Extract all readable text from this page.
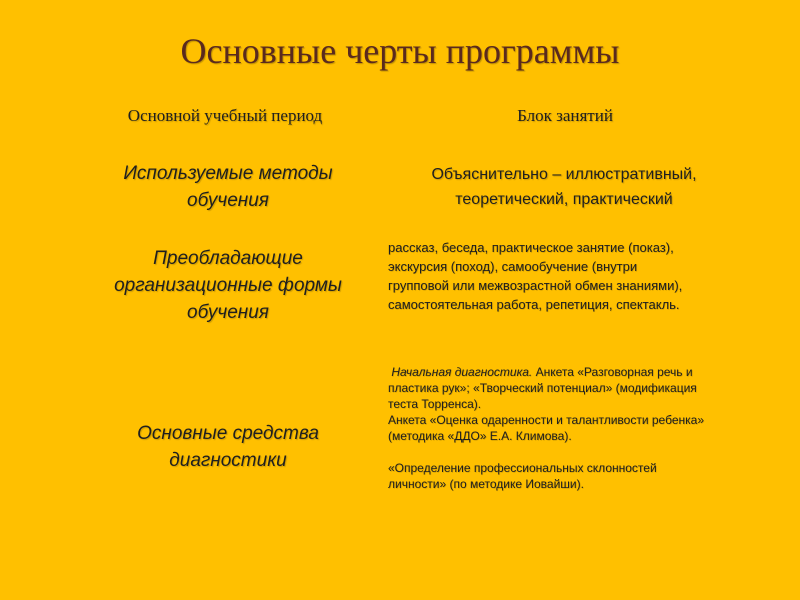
Основные черты программы
Основной учебный период	Блок занятий
Используемые методы
обучения
Объяснительно – иллюстративный,
теоретический, практический
Преобладающие
организационные формы
обучения

рассказ, беседа, практическое занятие (показ),

экскурсия (поход), самообучение (внутри

групповой или межвозрастной обмен знаниями),

самостоятельная работа, репетиция, спектакль.

Основные средства
диагностики

Начальная диагностика. Анкета «Разговорная речь и

пластика рук»; «Творческий потенциал» (модификация

теста Торренса).

Анкета «Оценка одаренности и талантливости ребенка»

(методика «ДДО» Е.А. Климова).

«Определение профессиональных склонностей

личности» (по методике Иовайши).
